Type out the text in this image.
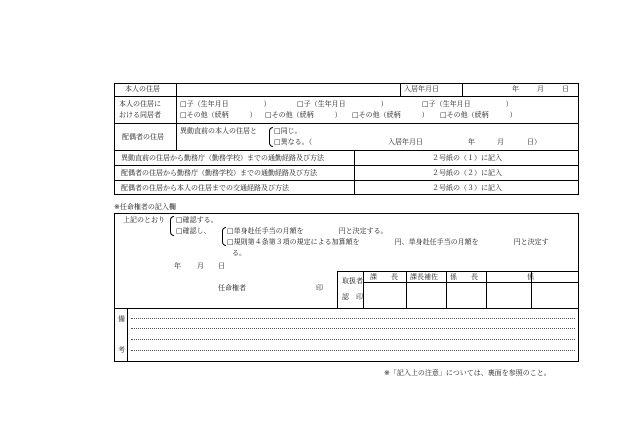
本人の住居	入居年月日	年	月	日
本人の住居に
おける同居者
□子（生年月日　　　　　）	□子（生年月日　　　　　）	□子（生年月日　　　　　）
□その他（続柄　　　） □その他（続柄　　　） □その他（続柄　　　） □その他（続柄　　　）
配偶者の住居
異動直前の本人の住居と □同じ。
□異なる。（	入居年月日	年	月	日）
異動直前の住居から勤務庁（勤務学校）までの通勤経路及び方法	２号紙の（１）に記入
配偶者の住居から勤務庁（勤務学校）までの通勤経路及び方法	２号紙の（２）に記入
配偶者の住居から本人の住居までの交通経路及び方法	２号紙の（３）に記入
※任命権者の記入欄
上記のとおり □確認する。
□確認し、 □単身赴任手当の月額を　　　　　円と決定する。
□規則第４条第３項の規定による加算額を　　　　　円、単身赴任手当の月額を　　　　　円と決定す
る。
年 月 日
任命権者	印
取扱者
認　印
課　　長 課長補佐 係　　長	係
備
考
※「記入上の注意」については、裏面を参照のこと。
